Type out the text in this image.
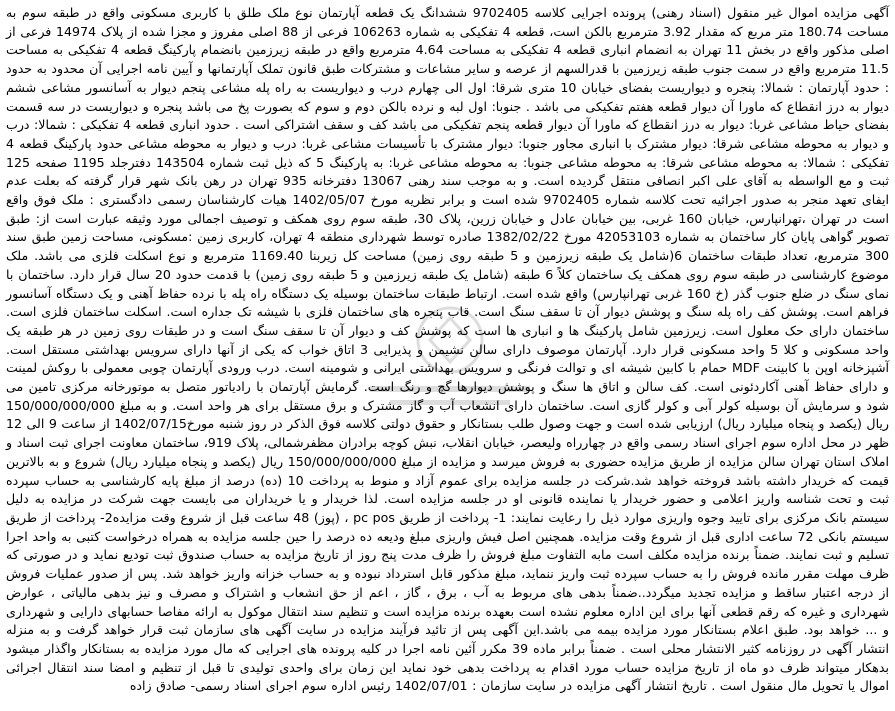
آگهی مزایده اموال غیر منقول (اسناد رهنی) پرونده اجرایی کلاسه 9702405 ششدانگ یک قطعه آپارتمان نوع ملک طلق با کاربری مسکونی واقع در طبقه سوم به مساحت 180.74 متر مربع که مقدار 3.92 مترمربع بالکن است، قطعه 4 تفکیکی به شماره 106263 فرعی از 88 اصلی مفروز و مجزا شده از پلاک 14974 فرعی از اصلی مذکور واقع در بخش 11 تهران به انضمام انباری قطعه 4 تفکیکی به مساحت 4.64 مترمربع واقع در طبقه زیرزمین بانضمام پارکینگ قطعه 4 تفکیکی به مساحت 11.5 مترمربع واقع در سمت جنوب طبقه زیرزمین با قدرالسهم از عرصه و سایر مشاعات و مشترکات طبق قانون تملک آپارتمانها و آیین نامه اجرایی آن محدود به حدود : حدود آپارتمان : شمالا: پنجره و دیواریست بفضای خیابان 10 متری شرقا: اول الی چهارم درب و دیواریست به راه پله مشاعی پنجم دیوار به آسانسور مشاعی ششم دیوار به درز انقطاع که ماورا آن دیوار قطعه هفتم تفکیکی می باشد . جنوبا: اول لبه و نرده بالکن دوم و سوم که بصورت پخ می باشد پنجره و دیواریست در سه قسمت بفضای حیاط مشاعی غربا: دیوار به درز انقطاع که ماورا آن دیوار قطعه پنجم تفکیکی می باشد کف و سقف اشتراکی است . حدود انباری قطعه 4 تفکیکی : شمالا: درب و دیوار به محوطه مشاعی شرقا: دیوار مشترک با انباری مجاور جنوبا: دیوار مشترک با تأسیسات مشاعی غربا: درب و دیوار به محوطه مشاعی حدود پارکینگ قطعه 4 تفکیکی : شمالا: به محوطه مشاعی شرقا: به محوطه مشاعی جنوبا: به محوطه مشاعی غربا: به پارکینگ 5 که ذیل ثبت شماره 143504 دفترجلد 1195 صفحه 125 ثبت و مع الواسطه به آقای علی اکبر انصافی منتقل گردیده است. و به موجب سند رهنی 13067 دفترخانه 935 تهران در رهن بانک شهر قرار گرفته که بعلت عدم ایفای تعهد منجر به صدور اجرائیه تحت کلاسه شماره 9702405 شده است و برابر نظریه مورخ 1402/05/07 هیات کارشناسان رسمی دادگستری : ملک فوق واقع است در تهران ،تهرانپارس، خیابان 160 غربی، بین خیابان عادل و خیابان زرین، پلاک 30، طبقه سوم روی همکف و توصیف اجمالی مورد وثیقه عبارت است از: طبق تصویر گواهی پایان کار ساختمان به شماره 42053103 مورخ 1382/02/22 صادره توسط شهرداری منطقه 4 تهران، کاربری زمین :مسکونی، مساحت زمین طبق سند 300 مترمربع، تعداد طبقات ساختمان 6(شامل یک طبقه زیرزمین و 5 طبقه روی زمین) مساحت کل زیربنا 1169.40 مترمربع و نوع اسکلت فلزی می باشد. ملک موضوع کارشناسی در طبقه سوم روی همکف یک ساختمان کلاً 6 طبقه (شامل یک طبقه زیرزمین و 5 طبقه روی زمین) با قدمت حدود 20 سال قرار دارد. ساختمان با نمای سنگ در ضلع جنوب گذر (خ 160 غربی تهرانپارس) واقع شده است. ارتباط طبقات ساختمان بوسیله یک دستگاه راه پله با نرده حفاظ آهنی و یک دستگاه آسانسور فراهم است. پوشش کف راه پله سنگ و پوشش دیوار آن تا سقف سنگ است. قاب پنجره های ساختمان فلزی با شیشه تک جداره است. اسکلت ساختمان فلزی است. ساختمان دارای حک معلول است. زیرزمین شامل پارکینگ ها و انباری ها است که پوشش کف و دیوار آن تا سقف سنگ است و در طبقات روی زمین در هر طبقه یک واحد مسکونی و کلا 5 واحد مسکونی قرار دارد. آپارتمان موصوف دارای سالن نشیمن و پذیرایی 3 اتاق خواب که یکی از آنها دارای سرویس بهداشتی مستقل است. آشپزخانه اوپن با کابینت MDF حمام با کابین شیشه ای و توالت فرنگی و سرویس بهداشتی ایرانی و شومینه است. درب ورودی آپارتمان چوبی معمولی با روکش لمینت و دارای حفاظ آهنی آکاردئونی است. کف سالن و اتاق ها سنگ و پوشش دیوارها گچ و رنگ است. گرمایش آپارتمان با رادیاتور متصل به موتورخانه مرکزی تامین می شود و سرمایش آن بوسیله کولر آبی و کولر گازی است. ساختمان دارای انشعاب آب و گاز مشترک و برق مستقل برای هر واحد است. و به مبلغ 150/000/000/000 ریال (یکصد و پنجاه میلیارد ریال) ارزیابی شده است و جهت وصول طلب بستانکار و حقوق دولتی کلاسه فوق الذکر در روز شنبه مورخ1402/07/15 از ساعت 9 الی 12 ظهر در محل اداره سوم اجرای اسناد رسمی واقع در چهارراه ولیعصر، خیابان انقلاب، نبش کوچه برادران مظفرشمالی، پلاک 919، ساختمان معاونت اجرای ثبت اسناد و املاک استان تهران سالن مزایده از طریق مزایده حضوری به فروش میرسد و مزایده از مبلغ 150/000/000/000 ریال (یکصد و پنجاه میلیارد ریال) شروع و به بالاترین قیمت که خریدار داشته باشد فروخته خواهد شد.شرکت در جلسه مزایده برای عموم آزاد و منوط به پرداخت 10 (ده) درصد از مبلغ پایه کارشناسی به حساب سپرده ثبت و تحت شناسه واریز اعلامی و حضور خریدار یا نماینده قانونی او در جلسه مزایده است. لذا خریدار و یا خریداران می بایست جهت شرکت در مزایده به دلیل سیستم بانک مرکزی برای تایید وجوه واریزی موارد ذیل را رعایت نمایند: 1- پرداخت از طریق pc pos ، (پوز) 48 ساعت قبل از شروع وقت مزایده2- پرداخت از طریق سیستم بانکی 72 ساعت اداری قبل از شروع وقت مزایده. همچنین اصل فیش واریزی مبلغ ودیعه ده درصد را حین جلسه مزایده به همراه درخواست کتبی به واحد اجرا تسلیم و ثبت نمایند. ضمناً برنده مزایده مکلف است مابه التفاوت مبلغ فروش را ظرف مدت پنج روز از تاریخ مزایده به حساب صندوق ثبت تودیع نماید و در صورتی که ظرف مهلت مقرر مانده فروش را به حساب سپرده ثبت واریز ننماید، مبلغ مذکور قابل استرداد نبوده و به حساب خزانه واریز خواهد شد. پس از صدور عملیات فروش از درجه اعتبار ساقط و مزایده تجدید میگردد..ضمناً بدهی های مربوط به آب ، برق ، گاز ، اعم از حق انشعاب و اشتراک و مصرف و نیز بدهی مالیاتی ، عوارض شهرداری و غیره که رقم قطعی آنها برای این اداره معلوم نشده است بعهده برنده مزایده است و تنظیم سند انتقال موکول به ارائه مفاصا حسابهای دارایی و شهرداری و ... خواهد بود. طبق اعلام بستانکار مورد مزایده بیمه می باشد.این آگهی پس از تائید فرآیند مزایده در سایت آگهی های سازمان ثبت قرار خواهد گرفت و به منزله انتشار آگهی در روزنامه کثیر الانتشار محلی است . ضمناً برابر ماده 39 مکرر آئین نامه اجرا در کلیه پرونده های اجرایی که مال مورد مزایده به بستانکار واگذار میشود بدهکار میتواند ظرف دو ماه از تاریخ مزایده حساب مورد اقدام به پرداخت بدهی خود نماید این زمان برای واحدی تولیدی تا قبل از تنظیم و امضا سند انتقال اجرائی اموال یا تحویل مال منقول است . تاریخ انتشار آگهی مزایده در سایت سازمان : 1402/07/01 رئیس اداره سوم اجرای اسناد رسمی- صادق زاده
